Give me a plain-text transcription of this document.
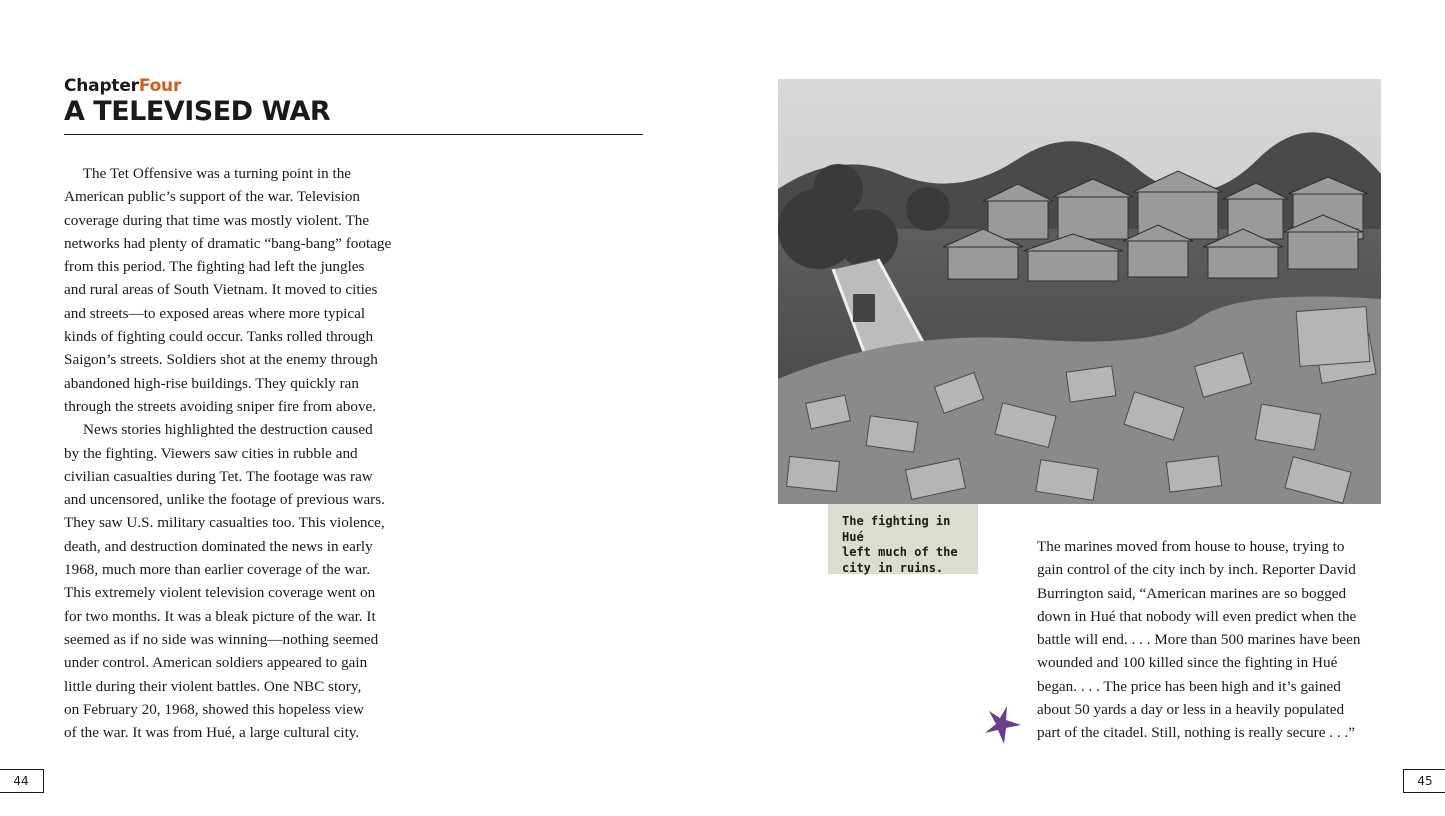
ChapterFour
A TELEVISED WAR

The Tet Offensive was a turning point in the

American public’s support of the war. Television

coverage during that time was mostly violent. The

networks had plenty of dramatic “bang-bang” footage

from this period. The fighting had left the jungles

and rural areas of South Vietnam. It moved to cities

and streets—to exposed areas where more typical

kinds of fighting could occur. Tanks rolled through

Saigon’s streets. Soldiers shot at the enemy through

abandoned high-rise buildings. They quickly ran

through the streets avoiding sniper fire from above.

News stories highlighted the destruction caused

by the fighting. Viewers saw cities in rubble and

civilian casualties during Tet. The footage was raw

and uncensored, unlike the footage of previous wars.

They saw U.S. military casualties too. This violence,

death, and destruction dominated the news in early

1968, much more than earlier coverage of the war.

This extremely violent television coverage went on

for two months. It was a bleak picture of the war. It

seemed as if no side was winning—nothing seemed

under control. American soldiers appeared to gain

little during their violent battles. One NBC story,

on February 20, 1968, showed this hopeless view

of the war. It was from Hué, a large cultural city.

The fighting in Hué
left much of the
city in ruins.

The marines moved from house to house, trying to

gain control of the city inch by inch. Reporter David

Burrington said, “American marines are so bogged

down in Hué that nobody will even predict when the

battle will end. . . . More than 500 marines have been

wounded and 100 killed since the fighting in Hué

began. . . . The price has been high and it’s gained

about 50 yards a day or less in a heavily populated

part of the citadel. Still, nothing is really secure . . .”

44	45
